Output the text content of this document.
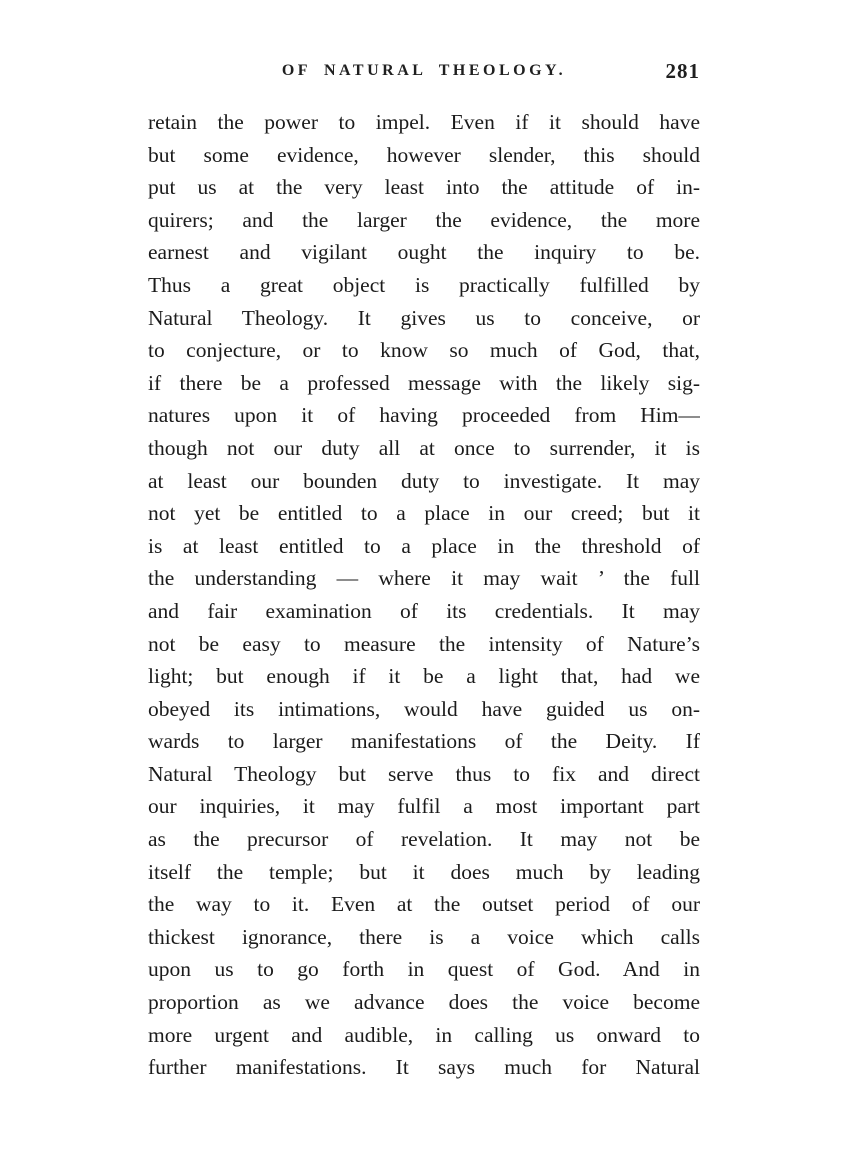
OF NATURAL THEOLOGY.	281
retain the power to impel. Even if it should have
but some evidence, however slender, this should
put us at the very least into the attitude of in-
quirers; and the larger the evidence, the more
earnest and vigilant ought the inquiry to be.
Thus a great object is practically fulfilled by
Natural Theology. It gives us to conceive, or
to conjecture, or to know so much of God, that,
if there be a professed message with the likely sig-
natures upon it of having proceeded from Him—
though not our duty all at once to surrender, it is
at least our bounden duty to investigate. It may
not yet be entitled to a place in our creed; but it
is at least entitled to a place in the threshold of
the understanding — where it may wait ’ the full
and fair examination of its credentials. It may
not be easy to measure the intensity of Nature’s
light; but enough if it be a light that, had we
obeyed its intimations, would have guided us on-
wards to larger manifestations of the Deity. If
Natural Theology but serve thus to fix and direct
our inquiries, it may fulfil a most important part
as the precursor of revelation. It may not be
itself the temple; but it does much by leading
the way to it. Even at the outset period of our
thickest ignorance, there is a voice which calls
upon us to go forth in quest of God. And in
proportion as we advance does the voice become
more urgent and audible, in calling us onward to
further manifestations. It says much for Natural
